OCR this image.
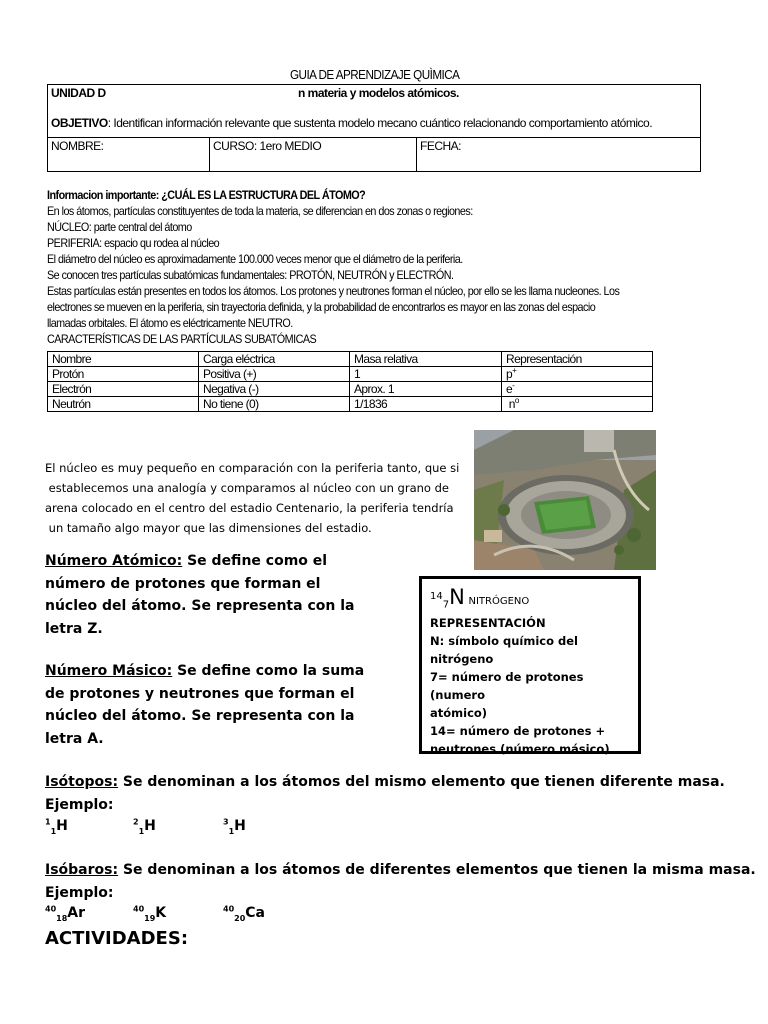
GUIA DE APRENDIZAJE QUÌMICA
UNIDAD D	n materia y modelos atómicos.
OBJETIVO: Identifican información relevante que sustenta modelo mecano cuántico relacionando comportamiento atómico.

NOMBRE:	CURSO: 1ero MEDIO	FECHA:

Informacion importante: ¿CUÁL ES LA ESTRUCTURA DEL ÁTOMO?

En los átomos, partículas constituyentes de toda la materia, se diferencian en dos zonas o regiones:

NÚCLEO: parte central del átomo

PERIFERIA: espacio qu rodea al núcleo

El diámetro del núcleo es aproximadamente 100.000 veces menor que el diámetro de la periferia.

Se conocen tres partículas subatómicas fundamentales: PROTÓN, NEUTRÓN y ELECTRÓN.

Estas partículas están presentes en todos los átomos. Los protones y neutrones forman el núcleo, por ello se les llama nucleones. Los

electrones se mueven en la periferia, sin trayectoria definida, y la probabilidad de encontrarlos es mayor en las zonas del espacio

llamadas orbitales. El átomo es eléctricamente NEUTRO.

CARACTERÍSTICAS DE LAS PARTÍCULAS SUBATÓMICAS

Nombre	Carga eléctrica	Masa relativa	Representación
Protón	Positiva (+)	1	p+
Electrón	Negativa (-)	Aprox. 1	e-
Neutrón	No tiene (0)	1/1836	$n^o$
El núcleo es muy pequeño en comparación con la periferia tanto, que si
establecemos una analogía y comparamos al núcleo con un grano de
arena colocado en el centro del estadio Centenario, la periferia tendría
un tamaño algo mayor que las dimensiones del estadio.

Número Atómico: Se define como el

número de protones que forman el

núcleo del átomo. Se representa con la

letra Z.

Número Másico: Se define como la suma

de protones y neutrones que forman el

núcleo del átomo. Se representa con la

letra A.

$^{14}_7$N NITRÓGENO
REPRESENTACIÓN
N: símbolo químico del nitrógeno
7= número de protones (numero
atómico)
14= número de protones +
neutrones (número másico)

Isótopos: Se denominan a los átomos del mismo elemento que tienen diferente masa.

Ejemplo:

$^1_1$H	$^2_1$H	$^3_1$H

Isóbaros: Se denominan a los átomos de diferentes elementos que tienen la misma masa.

Ejemplo:

$^{40}_{18}$Ar	$^{40}_{19}$K	$^{40}_{20}$Ca
ACTIVIDADES:
